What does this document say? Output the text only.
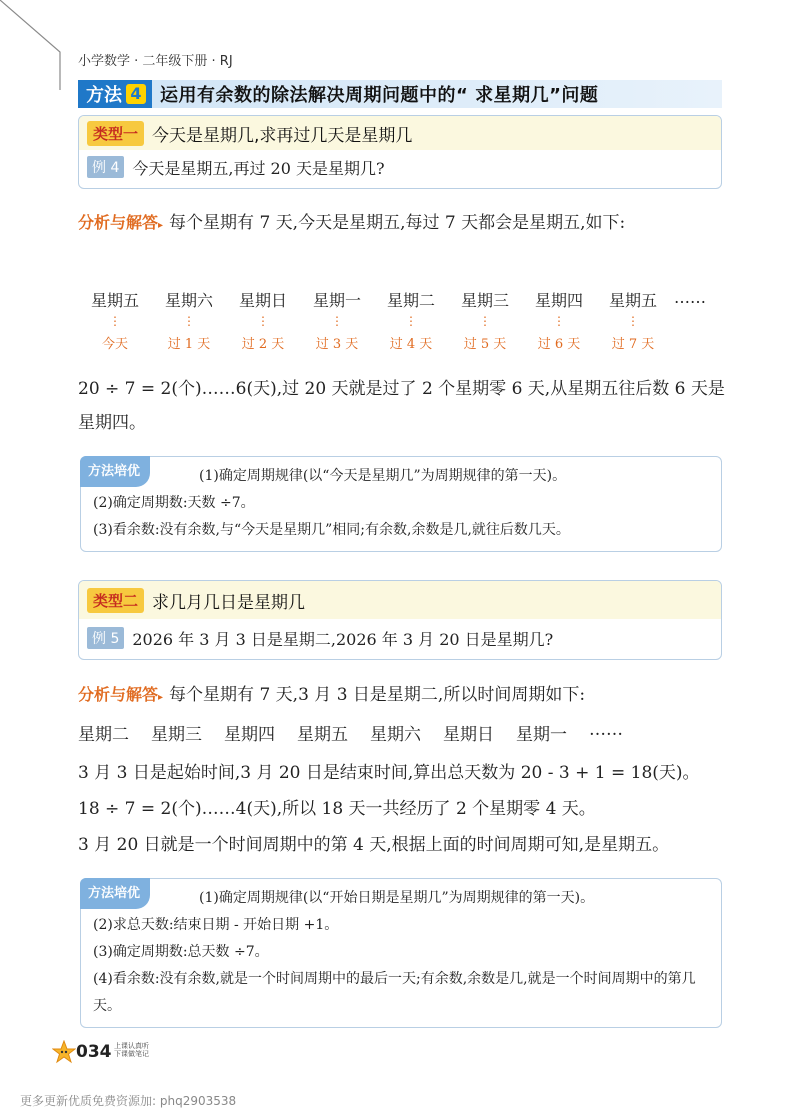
小学数学 · 二年级下册 · RJ
方法 4 运用有余数的除法解决周期问题中的“ 求星期几”问题
类型一 今天是星期几,求再过几天是星期几
例 4 今天是星期五,再过 20 天是星期几?
分析与解答▸ 每个星期有 7 天,今天是星期五,每过 7 天都会是星期五,如下:
星期五
⋮
今天
星期六
⋮
过 1 天
星期日
⋮
过 2 天
星期一
⋮
过 3 天
星期二
⋮
过 4 天
星期三
⋮
过 5 天
星期四
⋮
过 6 天
星期五
⋮
过 7 天
……
20 ÷ 7 = 2(个)……6(天),过 20 天就是过了 2 个星期零 6 天,从星期五往后数 6 天是星期四。
方法培优	(1)确定周期规律(以“今天是星期几”为周期规律的第一天)。
(2)确定周期数:天数 ÷7。
(3)看余数:没有余数,与“今天是星期几”相同;有余数,余数是几,就往后数几天。
类型二 求几月几日是星期几
例 5 2026 年 3 月 3 日是星期二,2026 年 3 月 20 日是星期几?
分析与解答▸ 每个星期有 7 天,3 月 3 日是星期二,所以时间周期如下:
星期二 星期三 星期四 星期五 星期六 星期日 星期一 ……
3 月 3 日是起始时间,3 月 20 日是结束时间,算出总天数为 20 - 3 + 1 = 18(天)。
18 ÷ 7 = 2(个)……4(天),所以 18 天一共经历了 2 个星期零 4 天。
3 月 20 日就是一个时间周期中的第 4 天,根据上面的时间周期可知,是星期五。
方法培优	(1)确定周期规律(以“开始日期是星期几”为周期规律的第一天)。
(2)求总天数:结束日期 - 开始日期 +1。
(3)确定周期数:总天数 ÷7。
(4)看余数:没有余数,就是一个时间周期中的最后一天;有余数,余数是几,就是一个时间周期中的第几天。
034 上课认真听
下课做笔记
更多更新优质免费资源加: phq2903538
